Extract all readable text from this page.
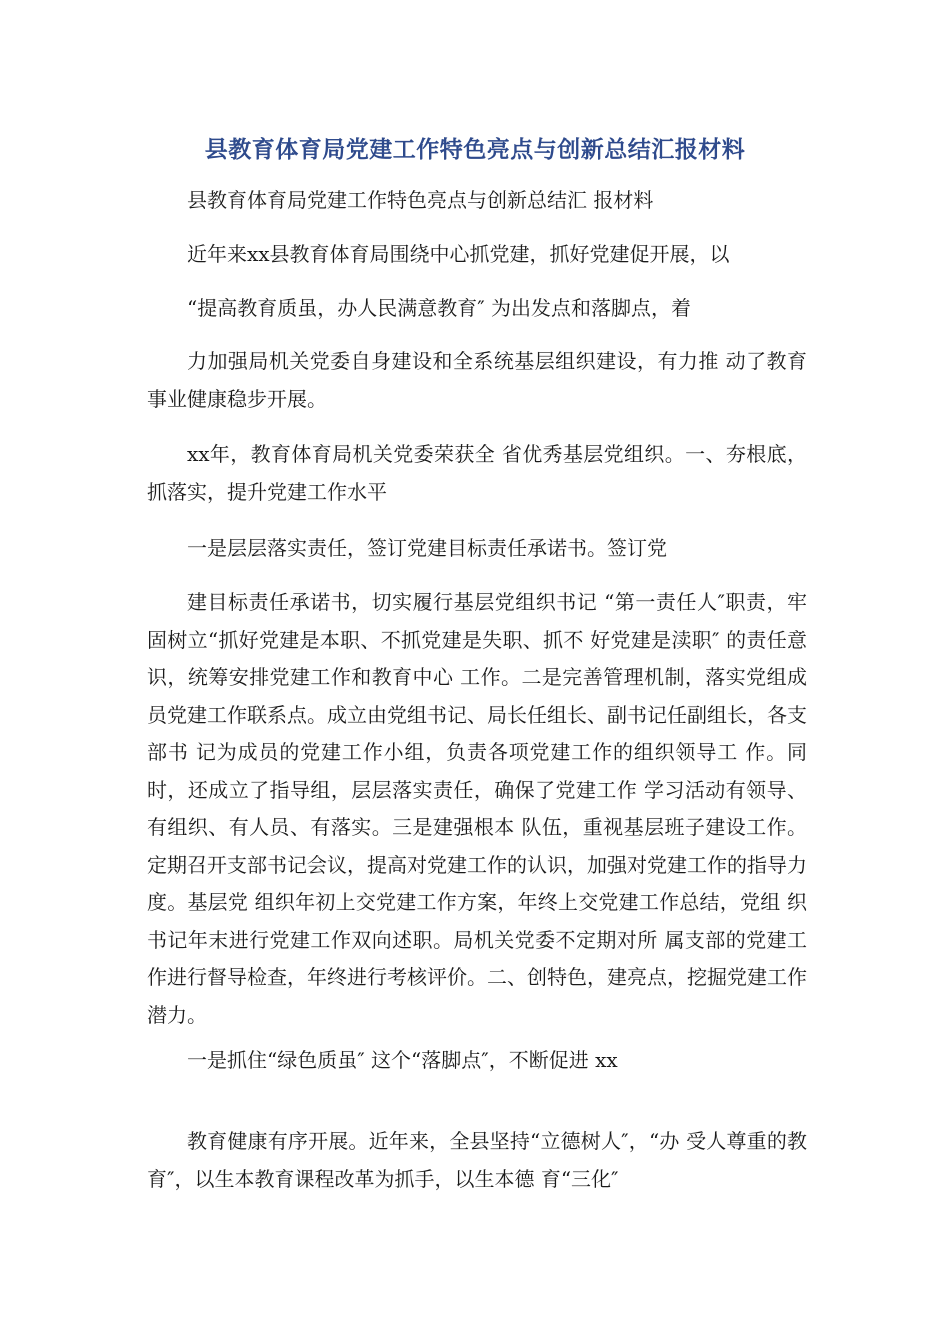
县教育体育局党建工作特色亮点与创新总结汇报材料

县教育体育局党建工作特色亮点与创新总结汇 报材料

近年来xx县教育体育局围绕中心抓党建，抓好党建促开展，以

“提高教育质虽，办人民满意教育″ 为出发点和落脚点，着

力加强局机关党委自身建设和全系统基层组织建设，有力推 动了教育事业健康稳步开展。

xx年，教育体育局机关党委荣获全 省优秀基层党组织。一、夯根底，抓落实，提升党建工作水平

一是层层落实责任，签订党建目标责任承诺书。签订党

建目标责任承诺书，切实履行基层党组织书记 “第一责任人″职责，牢固树立“抓好党建是本职、不抓党建是失职、抓不 好党建是渎职″ 的责任意识，统筹安排党建工作和教育中心 工作。二是完善管理机制，落实党组成员党建工作联系点。成立由党组书记、局长任组长、副书记任副组长，各支部书 记为成员的党建工作小组，负责各项党建工作的组织领导工 作。同时，还成立了指导组，层层落实责任，确保了党建工作 学习活动有领导、有组织、有人员、有落实。三是建强根本 队伍，重视基层班子建设工作。定期召开支部书记会议，提高对党建工作的认识，加强对党建工作的指导力度。基层党 组织年初上交党建工作方案，年终上交党建工作总结，党组 织书记年末进行党建工作双向述职。局机关党委不定期对所 属支部的党建工作进行督导检查，年终进行考核评价。二、创特色，建亮点，挖掘党建工作潜力。

一是抓住“绿色质虽″ 这个“落脚点″，不断促进 xx

教育健康有序开展。近年来，全县坚持“立德树人″，“办 受人尊重的教育″，以生本教育课程改革为抓手，以生本德 育“三化″
